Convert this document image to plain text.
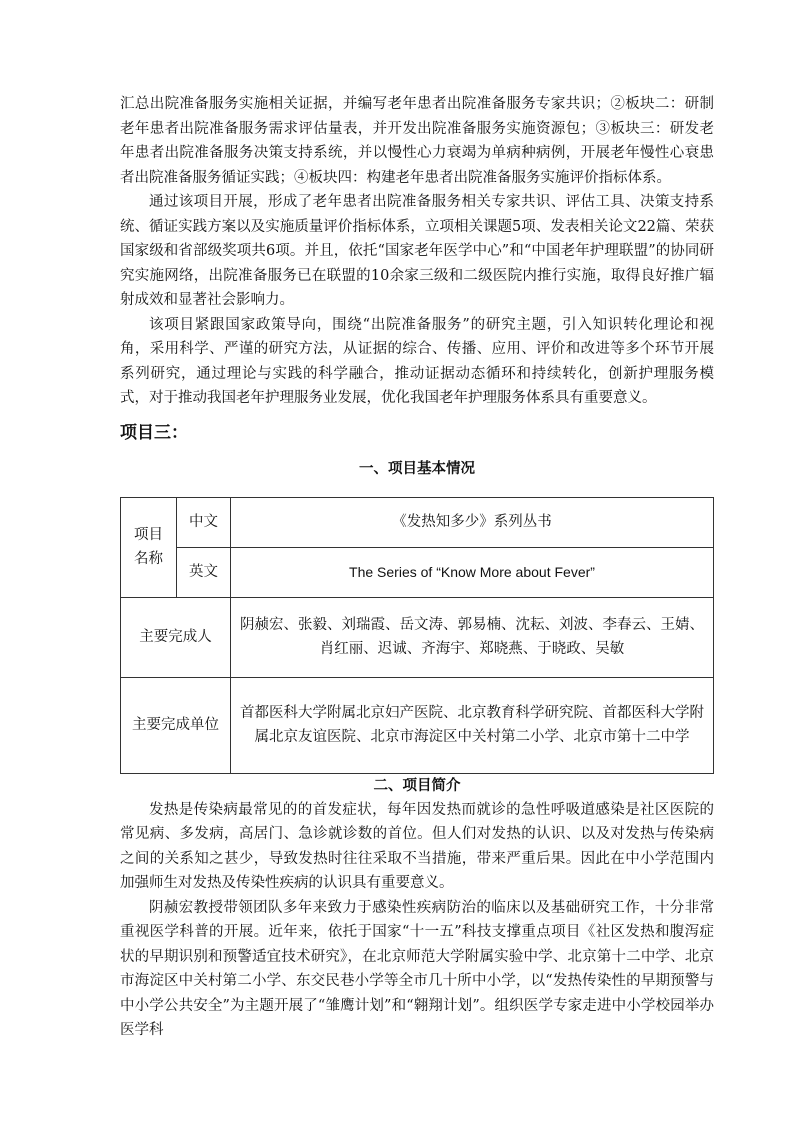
汇总出院准备服务实施相关证据，并编写老年患者出院准备服务专家共识；②板块二：研制老年患者出院准备服务需求评估量表，并开发出院准备服务实施资源包；③板块三：研发老年患者出院准备服务决策支持系统，并以慢性心力衰竭为单病种病例，开展老年慢性心衰患者出院准备服务循证实践；④板块四：构建老年患者出院准备服务实施评价指标体系。

通过该项目开展，形成了老年患者出院准备服务相关专家共识、评估工具、决策支持系统、循证实践方案以及实施质量评价指标体系，立项相关课题5项、发表相关论文22篇、荣获国家级和省部级奖项共6项。并且，依托“国家老年医学中心”和“中国老年护理联盟”的协同研究实施网络，出院准备服务已在联盟的10余家三级和二级医院内推行实施，取得良好推广辐射成效和显著社会影响力。

该项目紧跟国家政策导向，围绕“出院准备服务”的研究主题，引入知识转化理论和视角，采用科学、严谨的研究方法，从证据的综合、传播、应用、评价和改进等多个环节开展系列研究，通过理论与实践的科学融合，推动证据动态循环和持续转化，创新护理服务模式，对于推动我国老年护理服务业发展，优化我国老年护理服务体系具有重要意义。

项目三：
一、项目基本情况
项目名称	中文	《发热知多少》系列丛书
	英文	The Series of “Know More about Fever”
主要完成人		阴赪宏、张毅、刘瑞霞、岳文涛、郭易楠、沈耘、刘波、李春云、王婧、肖红丽、迟诚、齐海宇、郑晓燕、于晓政、吴敏
主要完成单位		首都医科大学附属北京妇产医院、北京教育科学研究院、首都医科大学附属北京友谊医院、北京市海淀区中关村第二小学、北京市第十二中学
二、项目简介

发热是传染病最常见的的首发症状，每年因发热而就诊的急性呼吸道感染是社区医院的常见病、多发病，高居门、急诊就诊数的首位。但人们对发热的认识、以及对发热与传染病之间的关系知之甚少，导致发热时往往采取不当措施，带来严重后果。因此在中小学范围内加强师生对发热及传染性疾病的认识具有重要意义。

阴赪宏教授带领团队多年来致力于感染性疾病防治的临床以及基础研究工作，十分非常重视医学科普的开展。近年来，依托于国家“十一五”科技支撑重点项目《社区发热和腹泻症状的早期识别和预警适宜技术研究》，在北京师范大学附属实验中学、北京第十二中学、北京市海淀区中关村第二小学、东交民巷小学等全市几十所中小学，以“发热传染性的早期预警与中小学公共安全”为主题开展了“雏鹰计划”和“翱翔计划”。组织医学专家走进中小学校园举办医学科
